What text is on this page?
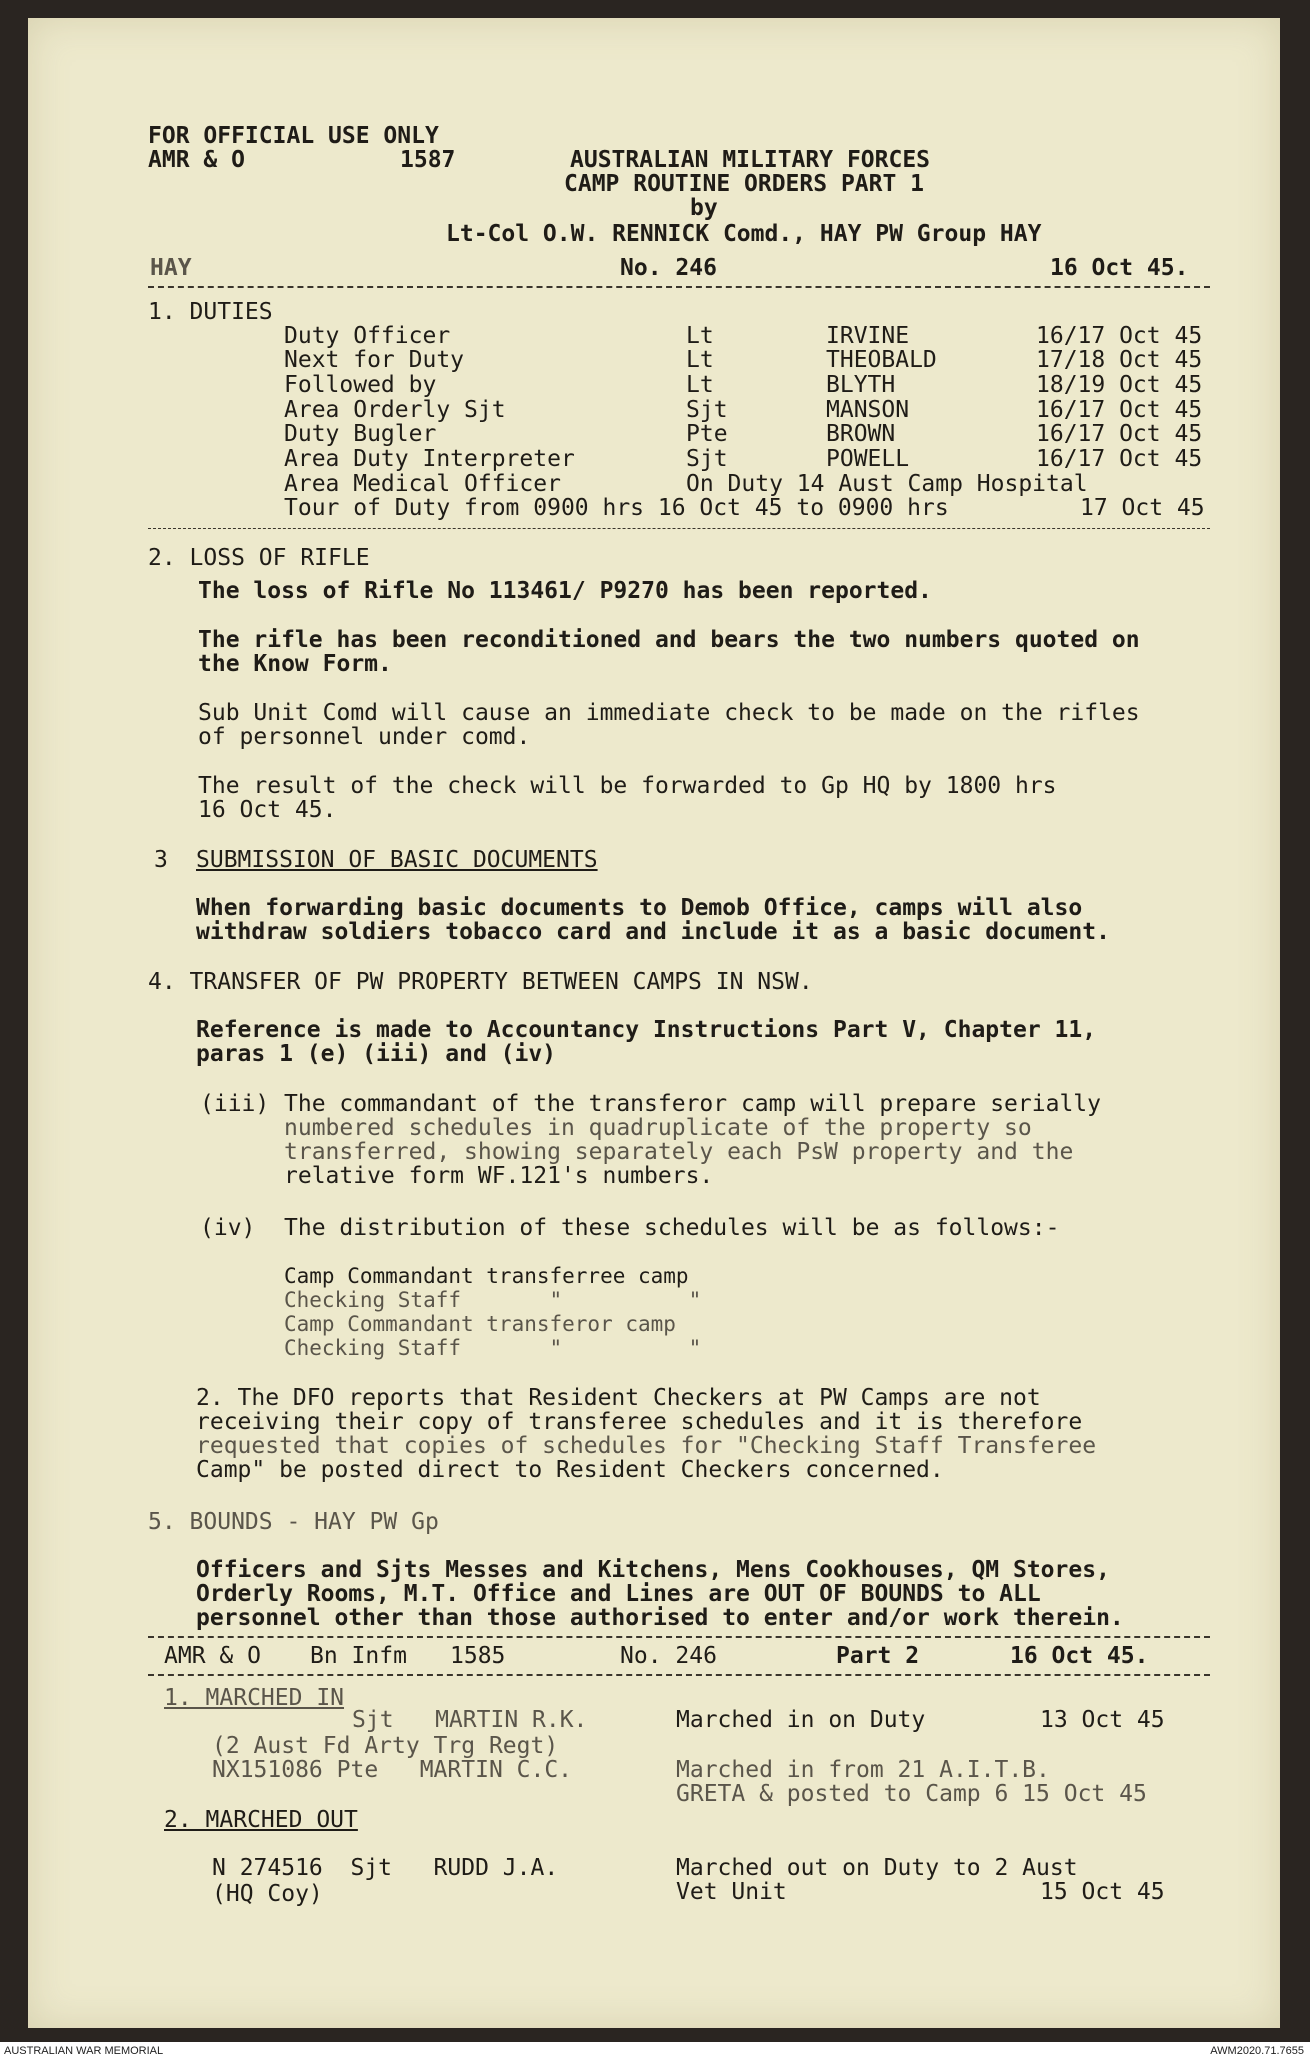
FOR OFFICIAL USE ONLY
AMR & O	1587	AUSTRALIAN MILITARY FORCES
CAMP ROUTINE ORDERS PART 1
by
Lt-Col O.W. RENNICK Comd., HAY PW Group HAY
HAY	No. 246	16 Oct 45.
1. DUTIES
Duty Officer	Lt	IRVINE	16/17 Oct 45
Next for Duty	Lt	THEOBALD	17/18 Oct 45
Followed by	Lt	BLYTH	18/19 Oct 45
Area Orderly Sjt	Sjt	MANSON	16/17 Oct 45
Duty Bugler	Pte	BROWN	16/17 Oct 45
Area Duty Interpreter	Sjt	POWELL	16/17 Oct 45
Area Medical Officer	On Duty 14 Aust Camp Hospital
Tour of Duty from 0900 hrs 16 Oct 45 to 0900 hrs	17 Oct 45
2. LOSS OF RIFLE
The loss of Rifle No 113461/ P9270 has been reported.
The rifle has been reconditioned and bears the two numbers quoted on
the Know Form.
Sub Unit Comd will cause an immediate check to be made on the rifles
of personnel under comd.
The result of the check will be forwarded to Gp HQ by 1800 hrs
16 Oct 45.
3 SUBMISSION OF BASIC DOCUMENTS
When forwarding basic documents to Demob Office, camps will also
withdraw soldiers tobacco card and include it as a basic document.
4. TRANSFER OF PW PROPERTY BETWEEN CAMPS IN NSW.
Reference is made to Accountancy Instructions Part V, Chapter 11,
paras 1 (e) (iii) and (iv)
(iii) The commandant of the transferor camp will prepare serially
numbered schedules in quadruplicate of the property so
transferred, showing separately each PsW property and the
relative form WF.121's numbers.
(iv) The distribution of these schedules will be as follows:-
Camp Commandant transferree camp
Checking Staff       "          "
Camp Commandant transferor camp
Checking Staff       "          "
2. The DFO reports that Resident Checkers at PW Camps are not
receiving their copy of transferee schedules and it is therefore
requested that copies of schedules for "Checking Staff Transferee
Camp" be posted direct to Resident Checkers concerned.
5. BOUNDS - HAY PW Gp
Officers and Sjts Messes and Kitchens, Mens Cookhouses, QM Stores,
Orderly Rooms, M.T. Office and Lines are OUT OF BOUNDS to ALL
personnel other than those authorised to enter and/or work therein.
AMR & O Bn Infm 1585	No. 246	Part 2	16 Oct 45.
1. MARCHED IN
Sjt   MARTIN R.K.	Marched in on Duty	13 Oct 45
(2 Aust Fd Arty Trg Regt)
NX151086 Pte   MARTIN C.C.	Marched in from 21 A.I.T.B.
GRETA & posted to Camp 6 15 Oct 45
2. MARCHED OUT
N 274516  Sjt   RUDD J.A.	Marched out on Duty to 2 Aust
(HQ Coy)	Vet Unit	15 Oct 45
AUSTRALIAN WAR MEMORIAL	AWM2020.71.7655
